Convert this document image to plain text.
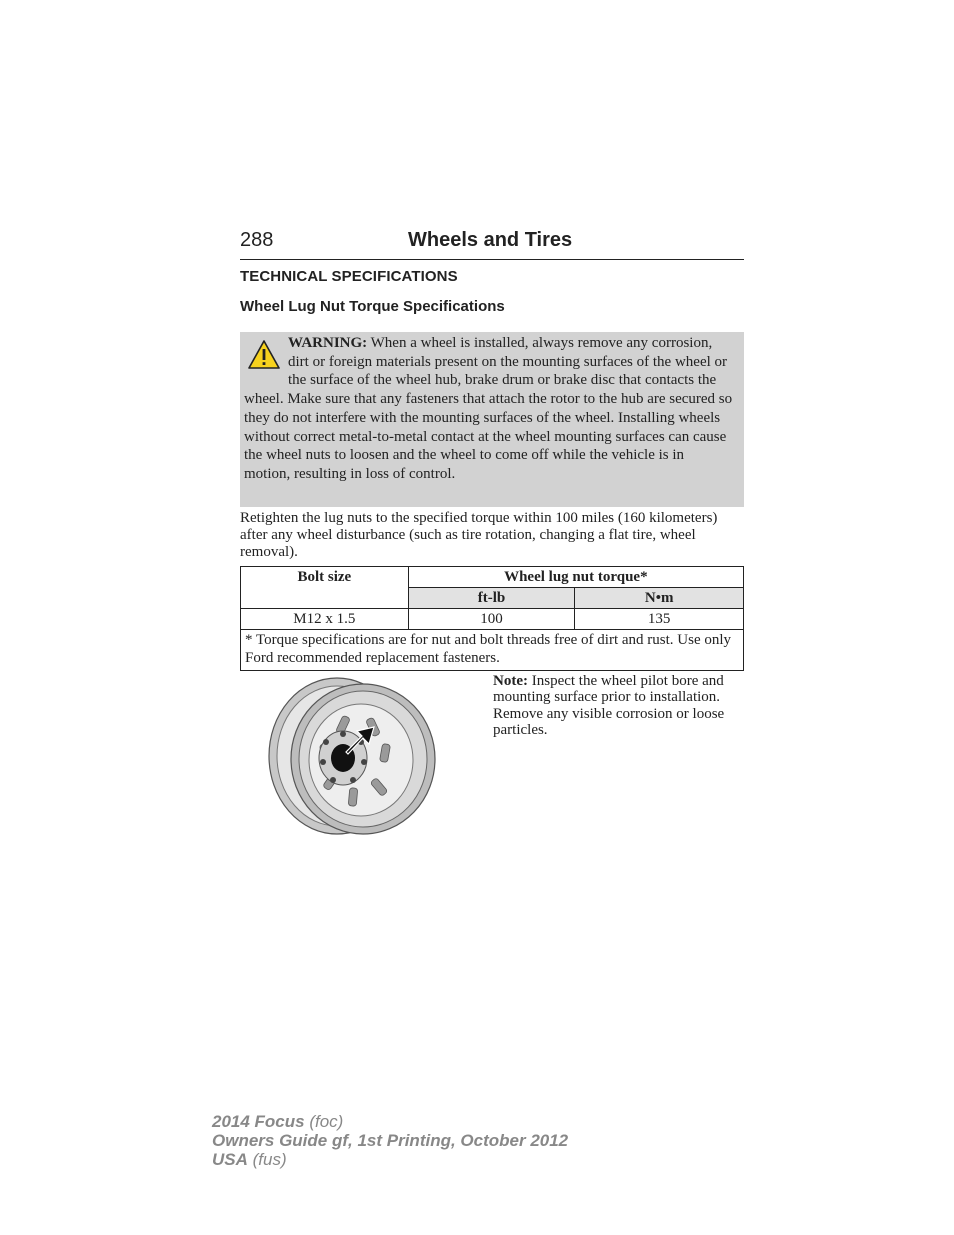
288	Wheels and Tires
TECHNICAL SPECIFICATIONS
Wheel Lug Nut Torque Specifications
WARNING: When a wheel is installed, always remove any corrosion, dirt or foreign materials present on the mounting surfaces of the wheel or the surface of the wheel hub, brake drum or brake disc that contacts the wheel. Make sure that any fasteners that attach the rotor to the hub are secured so they do not interfere with the mounting surfaces of the wheel. Installing wheels without correct metal-to-metal contact at the wheel mounting surfaces can cause the wheel nuts to loosen and the wheel to come off while the vehicle is in motion, resulting in loss of control.
Retighten the lug nuts to the specified torque within 100 miles (160 kilometers) after any wheel disturbance (such as tire rotation, changing a flat tire, wheel removal).
Bolt size	Wheel lug nut torque*	
	ft-lb	N•m
M12 x 1.5	100	135
* Torque specifications are for nut and bolt threads free of dirt and rust. Use only Ford recommended replacement fasteners.		
Note: Inspect the wheel pilot bore and mounting surface prior to installation. Remove any visible corrosion or loose particles.
2014 Focus (foc)
Owners Guide gf, 1st Printing, October 2012
USA (fus)
